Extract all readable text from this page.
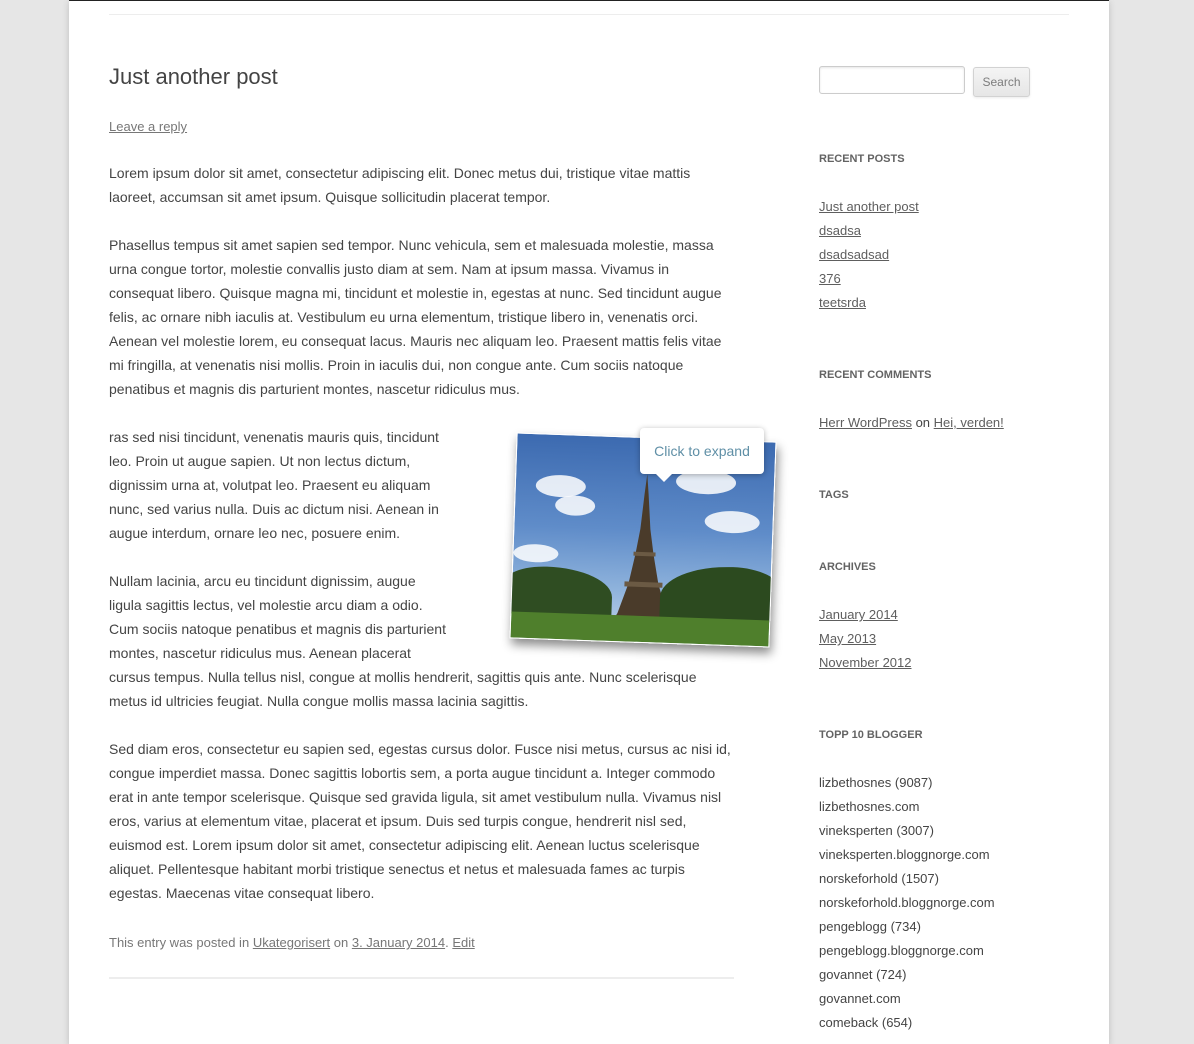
Just another post
Leave a reply

Lorem ipsum dolor sit amet, consectetur adipiscing elit. Donec metus dui, tristique vitae mattis laoreet, accumsan sit amet ipsum. Quisque sollicitudin placerat tempor.

Phasellus tempus sit amet sapien sed tempor. Nunc vehicula, sem et malesuada molestie, massa urna congue tortor, molestie convallis justo diam at sem. Nam at ipsum massa. Vivamus in consequat libero. Quisque magna mi, tincidunt et molestie in, egestas at nunc. Sed tincidunt augue felis, ac ornare nibh iaculis at. Vestibulum eu urna elementum, tristique libero in, venenatis orci. Aenean vel molestie lorem, eu consequat lacus. Mauris nec aliquam leo. Praesent mattis felis vitae mi fringilla, at venenatis nisi mollis. Proin in iaculis dui, non congue ante. Cum sociis natoque penatibus et magnis dis parturient montes, nascetur ridiculus mus.

ras sed nisi tincidunt, venenatis mauris quis, tincidunt leo. Proin ut augue sapien. Ut non lectus dictum, dignissim urna at, volutpat leo. Praesent eu aliquam nunc, sed varius nulla. Duis ac dictum nisi. Aenean in augue interdum, ornare leo nec, posuere enim.

Nullam lacinia, arcu eu tincidunt dignissim, augue ligula sagittis lectus, vel molestie arcu diam a odio. Cum sociis natoque penatibus et magnis dis parturient montes, nascetur ridiculus mus. Aenean placerat cursus tempus. Nulla tellus nisl, congue at mollis hendrerit, sagittis quis ante. Nunc scelerisque metus id ultricies feugiat. Nulla congue mollis massa lacinia sagittis.

Sed diam eros, consectetur eu sapien sed, egestas cursus dolor. Fusce nisi metus, cursus ac nisi id, congue imperdiet massa. Donec sagittis lobortis sem, a porta augue tincidunt a. Integer commodo erat in ante tempor scelerisque. Quisque sed gravida ligula, sit amet vestibulum nulla. Vivamus nisl eros, varius at elementum vitae, placerat et ipsum. Duis sed turpis congue, hendrerit nisl sed, euismod est. Lorem ipsum dolor sit amet, consectetur adipiscing elit. Aenean luctus scelerisque aliquet. Pellentesque habitant morbi tristique senectus et netus et malesuada fames ac turpis egestas. Maecenas vitae consequat libero.

Click to expand
This entry was posted in Ukategorisert on 3. January 2014. Edit
Search
RECENT POSTS
Just another post
dsadsa
dsadsadsad
376
teetsrda
RECENT COMMENTS
Herr WordPress on Hei, verden!
TAGS
ARCHIVES
January 2014
May 2013
November 2012
TOPP 10 BLOGGER
lizbethosnes (9087)
lizbethosnes.com
vineksperten (3007)
vineksperten.bloggnorge.com
norskeforhold (1507)
norskeforhold.bloggnorge.com
pengeblogg (734)
pengeblogg.bloggnorge.com
govannet (724)
govannet.com
comeback (654)
